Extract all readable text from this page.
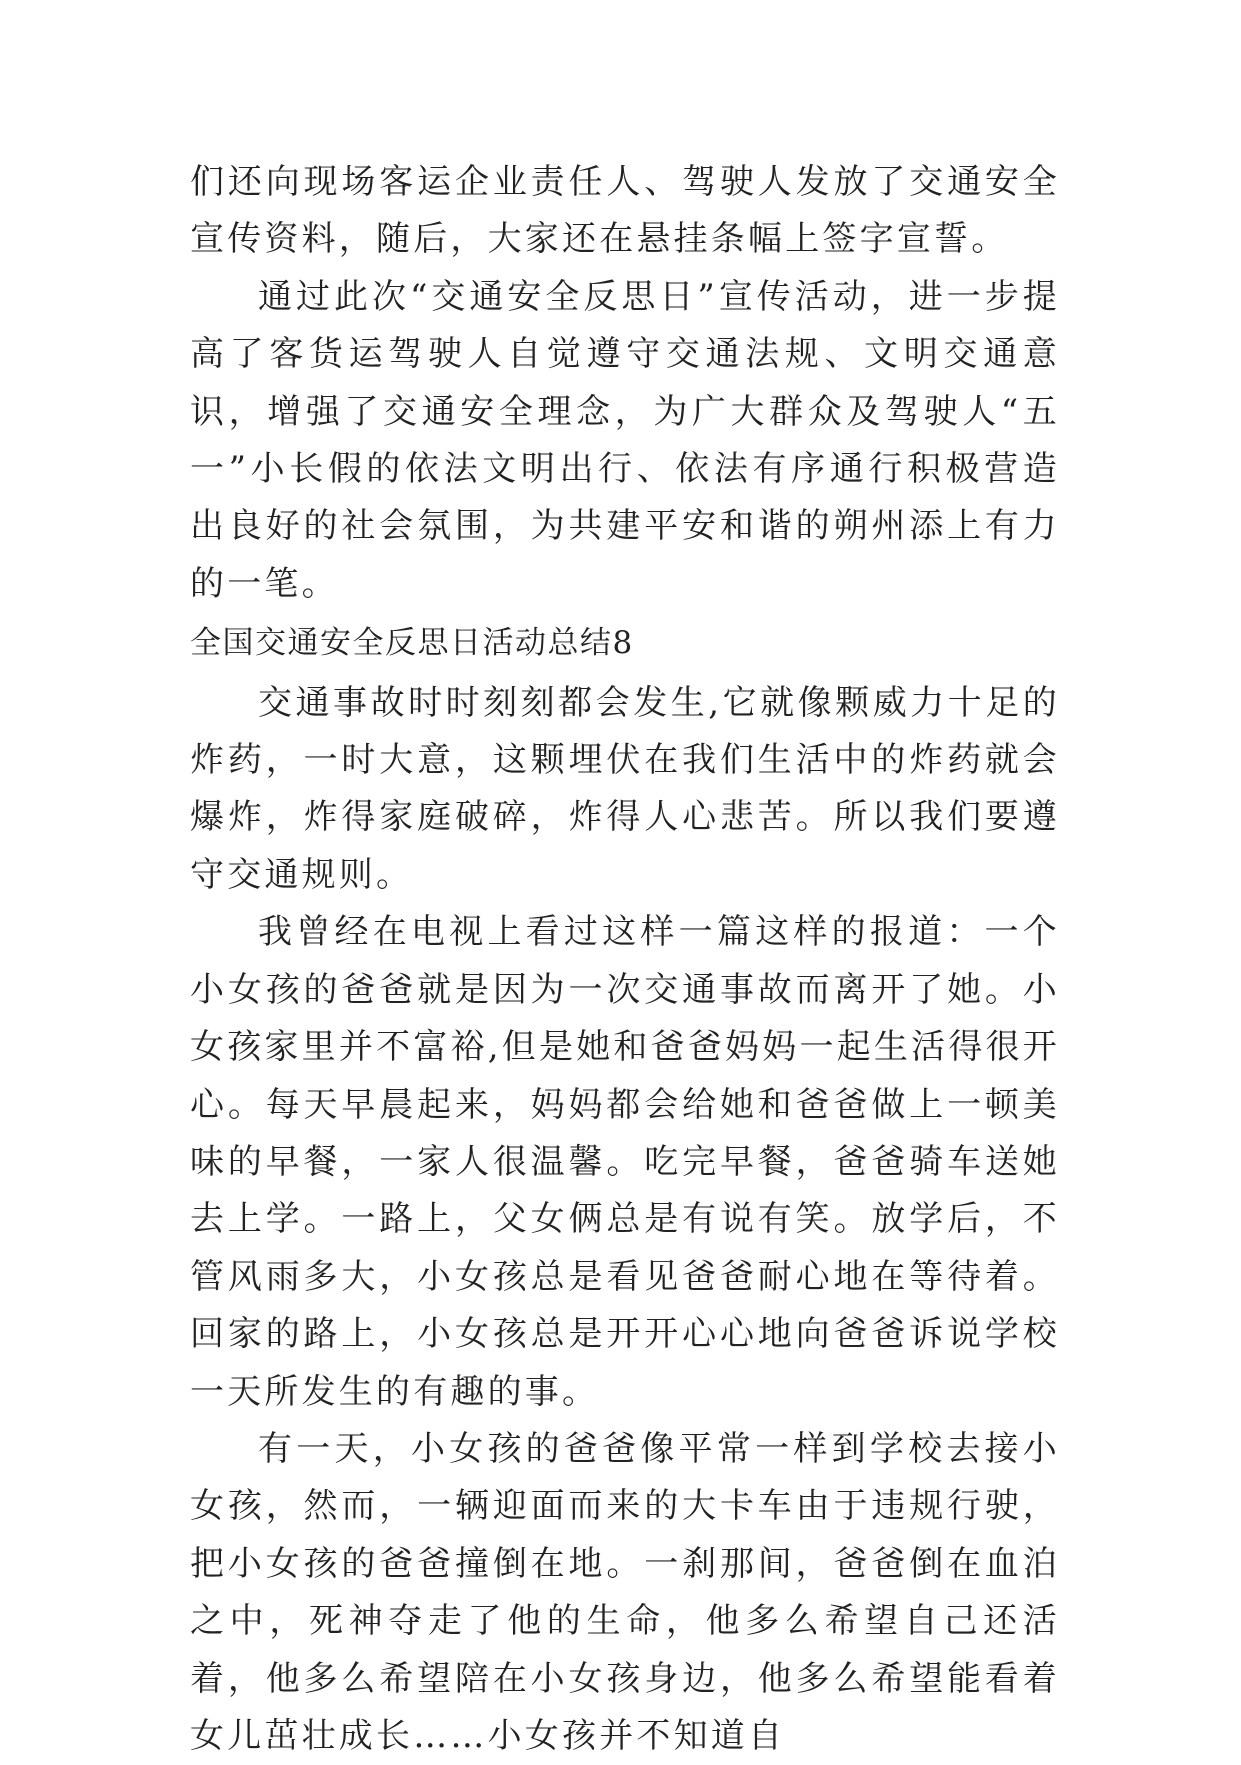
们还向现场客运企业责任人、驾驶人发放了交通安全宣传资料，随后，大家还在悬挂条幅上签字宣誓。

通过此次“交通安全反思日”宣传活动，进一步提高了客货运驾驶人自觉遵守交通法规、文明交通意识，增强了交通安全理念，为广大群众及驾驶人“五一”小长假的依法文明出行、依法有序通行积极营造出良好的社会氛围，为共建平安和谐的朔州添上有力的一笔。

全国交通安全反思日活动总结8

交通事故时时刻刻都会发生,它就像颗威力十足的炸药，一时大意，这颗埋伏在我们生活中的炸药就会爆炸，炸得家庭破碎，炸得人心悲苦。所以我们要遵守交通规则。

我曾经在电视上看过这样一篇这样的报道：一个小女孩的爸爸就是因为一次交通事故而离开了她。小女孩家里并不富裕,但是她和爸爸妈妈一起生活得很开心。每天早晨起来，妈妈都会给她和爸爸做上一顿美味的早餐，一家人很温馨。吃完早餐，爸爸骑车送她去上学。一路上，父女俩总是有说有笑。放学后，不管风雨多大，小女孩总是看见爸爸耐心地在等待着。回家的路上，小女孩总是开开心心地向爸爸诉说学校一天所发生的有趣的事。

有一天，小女孩的爸爸像平常一样到学校去接小女孩，然而，一辆迎面而来的大卡车由于违规行驶，把小女孩的爸爸撞倒在地。一刹那间，爸爸倒在血泊之中，死神夺走了他的生命，他多么希望自己还活着，他多么希望陪在小女孩身边，他多么希望能看着女儿茁壮成长……小女孩并不知道自
